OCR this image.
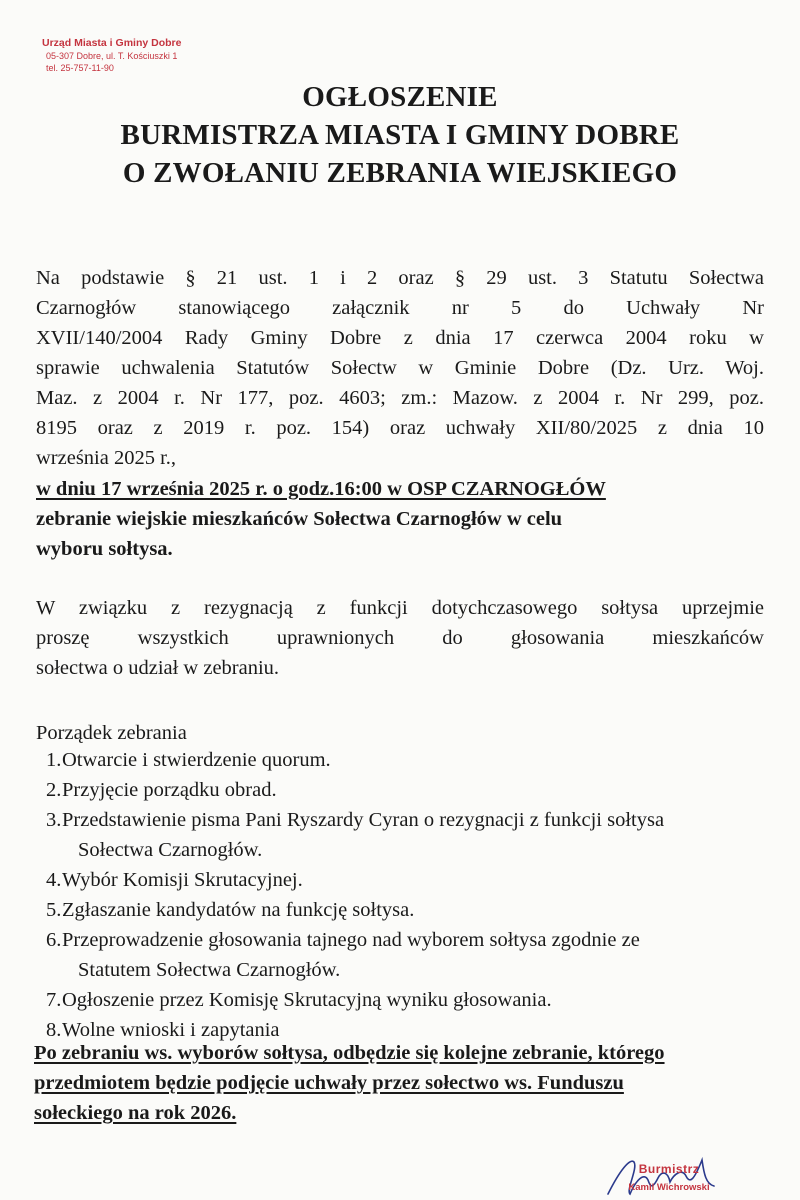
Urząd Miasta i Gminy Dobre
05-307 Dobre, ul. T. Kościuszki 1
tel. 25-757-11-90
OGŁOSZENIE
BURMISTRZA MIASTA I GMINY DOBRE
O ZWOŁANIU ZEBRANIA WIEJSKIEGO
Na podstawie § 21 ust. 1 i 2 oraz § 29 ust. 3 Statutu Sołectwa
Czarnogłów stanowiącego załącznik nr 5 do Uchwały Nr
XVII/140/2004 Rady Gminy Dobre z dnia 17 czerwca 2004 roku w
sprawie uchwalenia Statutów Sołectw w Gminie Dobre (Dz. Urz. Woj.
Maz. z 2004 r. Nr 177, poz. 4603; zm.: Mazow. z 2004 r. Nr 299, poz.
8195 oraz z 2019 r. poz. 154) oraz uchwały XII/80/2025 z dnia 10
września 2025 r.,
w dniu 17 września 2025 r. o godz.16:00 w OSP CZARNOGŁÓW
zebranie wiejskie mieszkańców Sołectwa Czarnogłów w celu
wyboru sołtysa.
W związku z rezygnacją z funkcji dotychczasowego sołtysa uprzejmie
proszę wszystkich uprawnionych do głosowania mieszkańców
sołectwa o udział w zebraniu.
Porządek zebrania
1. Otwarcie i stwierdzenie quorum.
2. Przyjęcie porządku obrad.
3. Przedstawienie pisma Pani Ryszardy Cyran o rezygnacji z funkcji sołtysa
Sołectwa Czarnogłów.
4. Wybór Komisji Skrutacyjnej.
5. Zgłaszanie kandydatów na funkcję sołtysa.
6. Przeprowadzenie głosowania tajnego nad wyborem sołtysa zgodnie ze
Statutem Sołectwa Czarnogłów.
7. Ogłoszenie przez Komisję Skrutacyjną wyniku głosowania.
8. Wolne wnioski i zapytania
Po zebraniu ws. wyborów sołtysa, odbędzie się kolejne zebranie, którego
przedmiotem będzie podjęcie uchwały przez sołectwo ws. Funduszu
sołeckiego na rok 2026.
Burmistrz
Kamil Wichrowski
